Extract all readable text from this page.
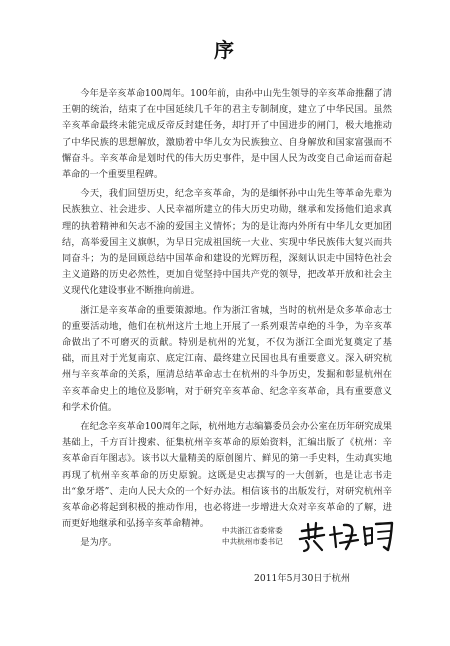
序

今年是辛亥革命100周年。100年前，由孙中山先生领导的辛亥革命推翻了清王朝的统治，结束了在中国延续几千年的君主专制制度，建立了中华民国。虽然辛亥革命最终未能完成反帝反封建任务，却打开了中国进步的闸门，极大地推动了中华民族的思想解放，激励着中华儿女为民族独立、自身解放和国家富强而不懈奋斗。辛亥革命是划时代的伟大历史事件，是中国人民为改变自己命运而奋起革命的一个重要里程碑。

今天，我们回望历史，纪念辛亥革命，为的是缅怀孙中山先生等革命先辈为民族独立、社会进步、人民幸福所建立的伟大历史功勋，继承和发扬他们追求真理的执着精神和矢志不渝的爱国主义情怀；为的是让海内外所有中华儿女更加团结，高举爱国主义旗帜，为早日完成祖国统一大业、实现中华民族伟大复兴而共同奋斗；为的是回顾总结中国革命和建设的光辉历程，深刻认识走中国特色社会主义道路的历史必然性，更加自觉坚持中国共产党的领导，把改革开放和社会主义现代化建设事业不断推向前进。

浙江是辛亥革命的重要策源地。作为浙江省城，当时的杭州是众多革命志士的重要活动地，他们在杭州这片土地上开展了一系列艰苦卓绝的斗争，为辛亥革命做出了不可磨灭的贡献。特别是杭州的光复，不仅为浙江全面光复奠定了基础，而且对于光复南京、底定江南、最终建立民国也具有重要意义。深入研究杭州与辛亥革命的关系，厘清总结革命志士在杭州的斗争历史，发掘和彰显杭州在辛亥革命史上的地位及影响，对于研究辛亥革命、纪念辛亥革命，具有重要意义和学术价值。

在纪念辛亥革命100周年之际，杭州地方志编纂委员会办公室在历年研究成果基础上，千方百计搜索、征集杭州辛亥革命的原始资料，汇编出版了《杭州：辛亥革命百年图志》。该书以大量精美的原创图片、鲜见的第一手史料，生动真实地再现了杭州辛亥革命的历史原貌。这既是史志撰写的一大创新，也是让志书走出“象牙塔”、走向人民大众的一个好办法。相信该书的出版发行，对研究杭州辛亥革命必将起到积极的推动作用，也必将进一步增进大众对辛亥革命的了解，进而更好地继承和弘扬辛亥革命精神。

是为序。

中共浙江省委常委
中共杭州市委书记
2011年5月30日于杭州
